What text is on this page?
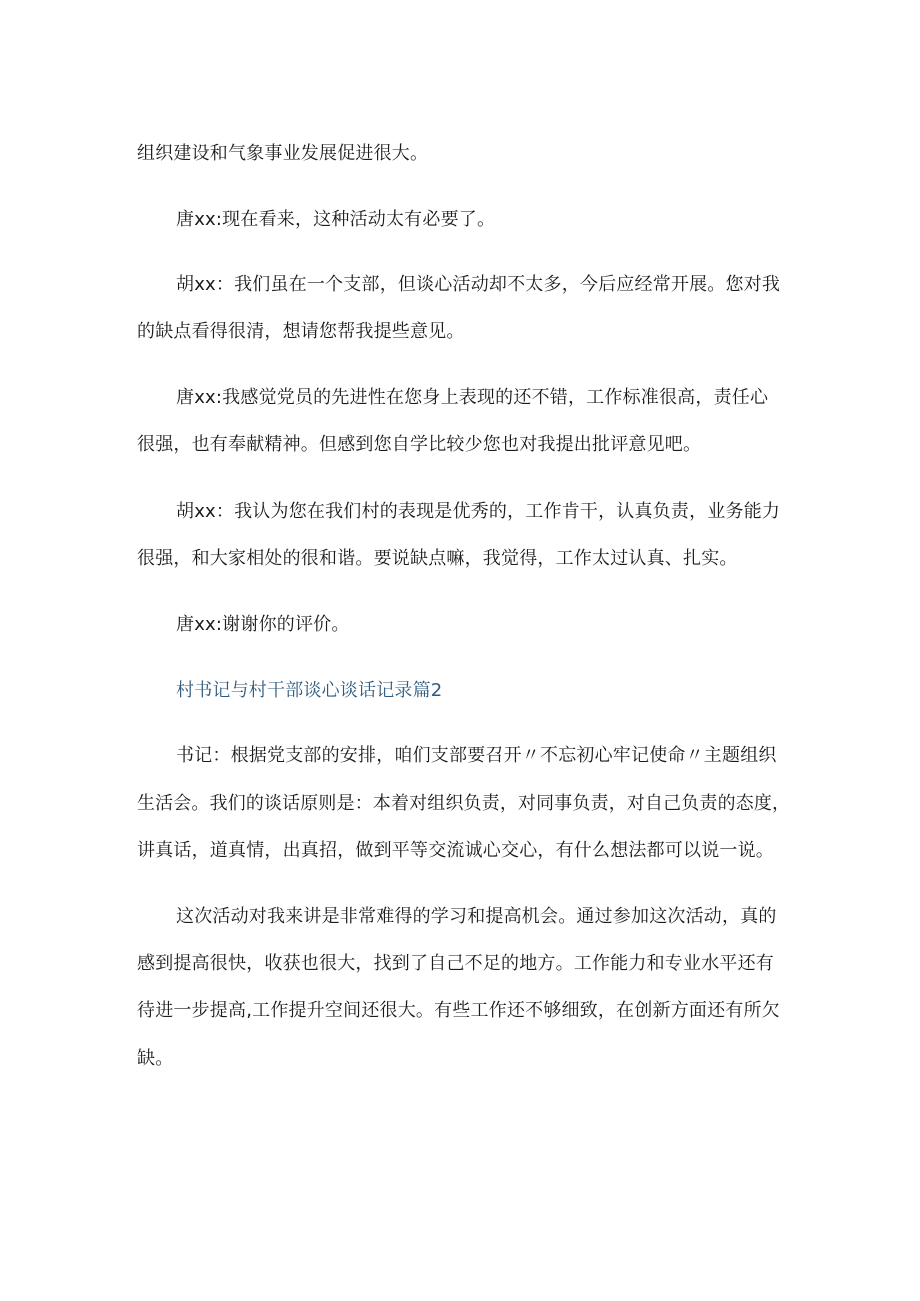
组织建设和气象事业发展促进很大。
唐xx:现在看来，这种活动太有必要了。
胡xx：我们虽在一个支部，但谈心活动却不太多，今后应经常开展。您对我
的缺点看得很清，想请您帮我提些意见。
唐xx:我感觉党员的先进性在您身上表现的还不错，工作标准很高，责任心
很强，也有奉献精神。但感到您自学比较少您也对我提出批评意见吧。
胡xx：我认为您在我们村的表现是优秀的，工作肯干，认真负责，业务能力
很强，和大家相处的很和谐。要说缺点嘛，我觉得，工作太过认真、扎实。
唐xx:谢谢你的评价。
村书记与村干部谈心谈话记录篇2
书记：根据党支部的安排，咱们支部要召开〃不忘初心牢记使命〃主题组织
生活会。我们的谈话原则是：本着对组织负责，对同事负责，对自己负责的态度，
讲真话，道真情，出真招，做到平等交流诚心交心，有什么想法都可以说一说。
这次活动对我来讲是非常难得的学习和提高机会。通过参加这次活动，真的
感到提高很快，收获也很大，找到了自己不足的地方。工作能力和专业水平还有
待进一步提高,工作提升空间还很大。有些工作还不够细致，在创新方面还有所欠
缺。
